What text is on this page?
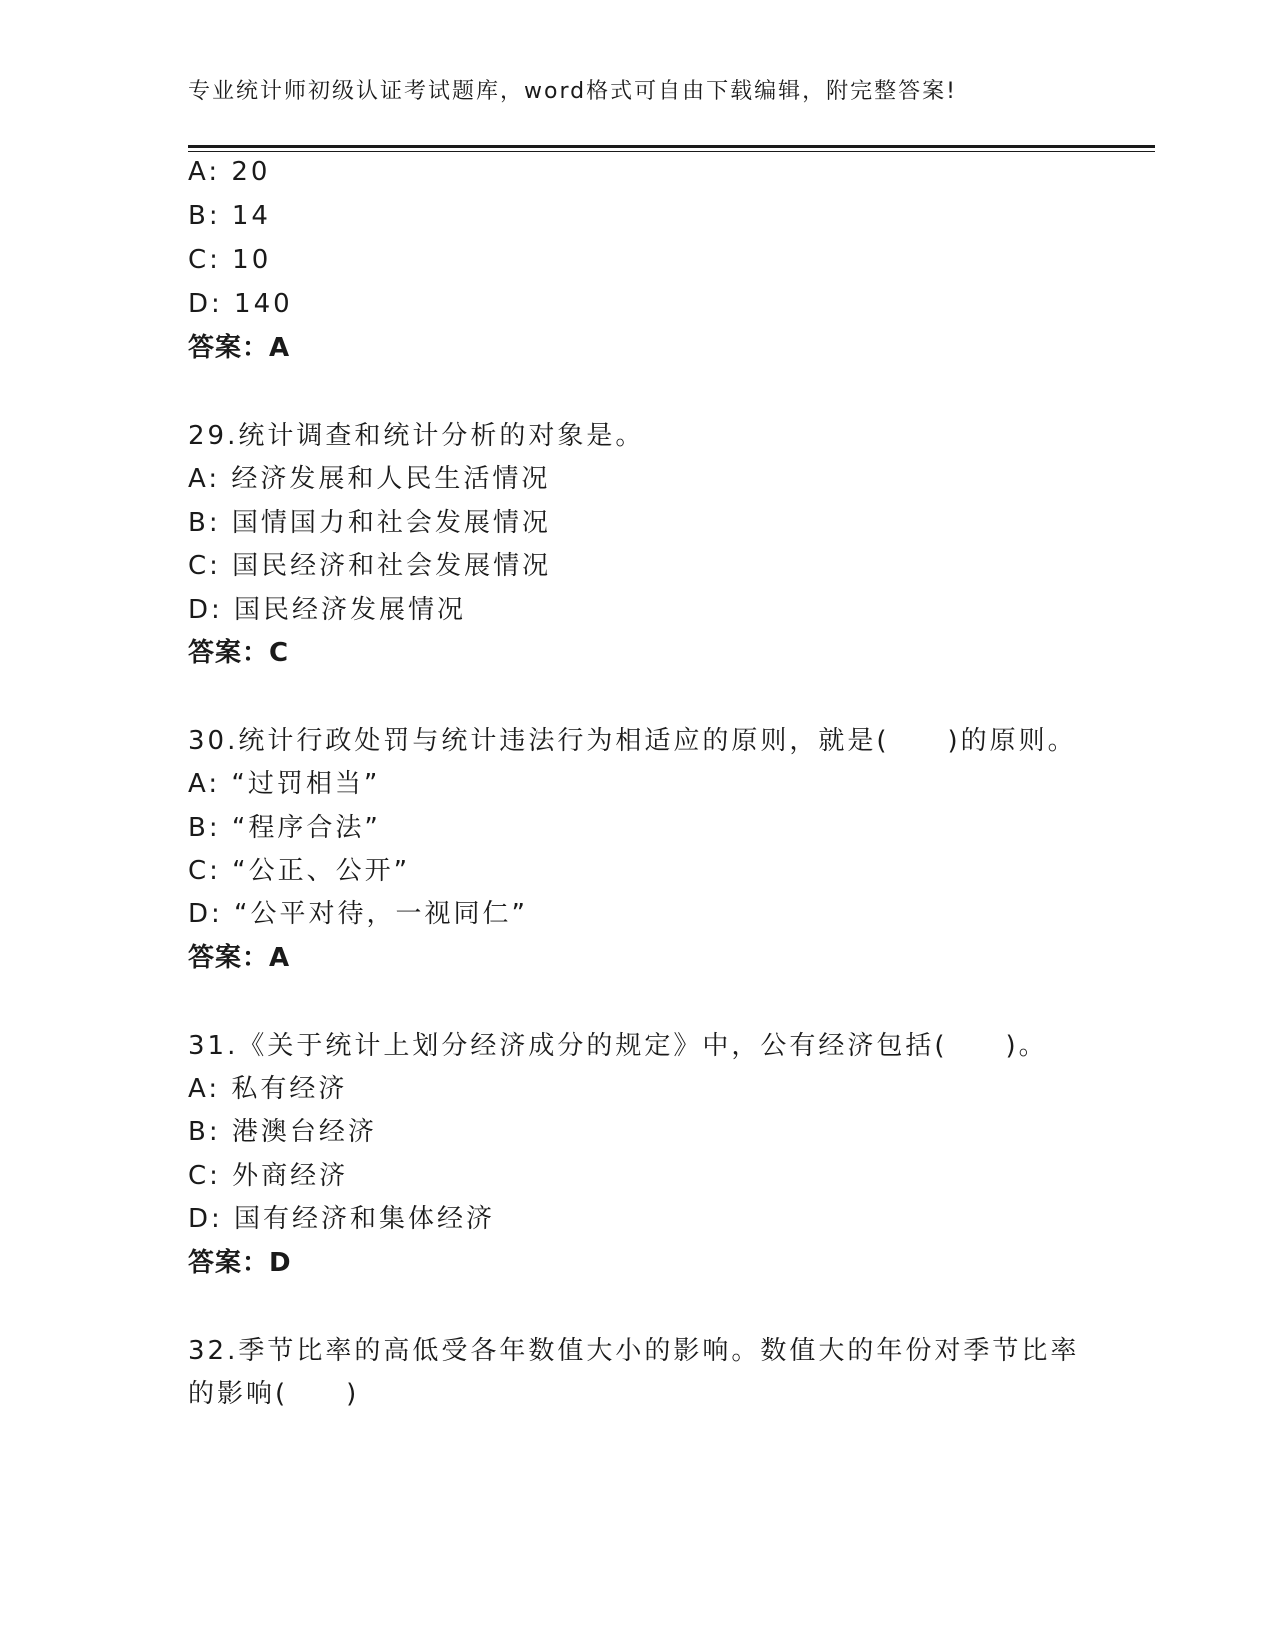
专业统计师初级认证考试题库，word格式可自由下载编辑，附完整答案!
A: 20
B: 14
C: 10
D: 140
答案：A
29.统计调查和统计分析的对象是。
A: 经济发展和人民生活情况
B: 国情国力和社会发展情况
C: 国民经济和社会发展情况
D: 国民经济发展情况
答案：C
30.统计行政处罚与统计违法行为相适应的原则，就是(　　)的原则。
A: “过罚相当”
B: “程序合法”
C: “公正、公开”
D: “公平对待，一视同仁”
答案：A
31.《关于统计上划分经济成分的规定》中，公有经济包括(　　)。
A: 私有经济
B: 港澳台经济
C: 外商经济
D: 国有经济和集体经济
答案：D
32.季节比率的高低受各年数值大小的影响。数值大的年份对季节比率
的影响(　　)
